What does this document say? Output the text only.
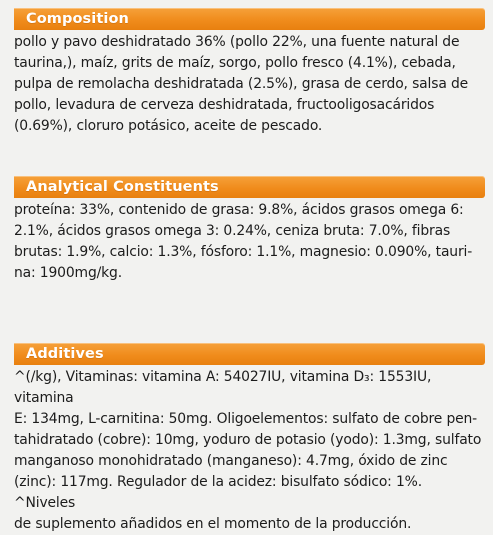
Composition
pollo y pavo deshidratado 36% (pollo 22%, una fuente natural de
taurina,), maíz, grits de maíz, sorgo, pollo fresco (4.1%), cebada,
pulpa de remolacha deshidratada (2.5%), grasa de cerdo, salsa de
pollo, levadura de cerveza deshidratada, fructooligosacáridos
(0.69%), cloruro potásico, aceite de pescado.
Analytical Constituents
proteína: 33%, contenido de grasa: 9.8%, ácidos grasos omega 6:
2.1%, ácidos grasos omega 3: 0.24%, ceniza bruta: 7.0%, fibras
brutas: 1.9%, calcio: 1.3%, fósforo: 1.1%, magnesio: 0.090%, tauri-
na: 1900mg/kg.
Additives
^(/kg), Vitaminas: vitamina A: 54027IU, vitamina D₃: 1553IU, vitamina
E: 134mg, L-carnitina: 50mg. Oligoelementos: sulfato de cobre pen-
tahidratado (cobre): 10mg, yoduro de potasio (yodo): 1.3mg, sulfato
manganoso monohidratado (manganeso): 4.7mg, óxido de zinc
(zinc): 117mg. Regulador de la acidez: bisulfato sódico: 1%. ^Niveles
de suplemento añadidos en el momento de la producción.
